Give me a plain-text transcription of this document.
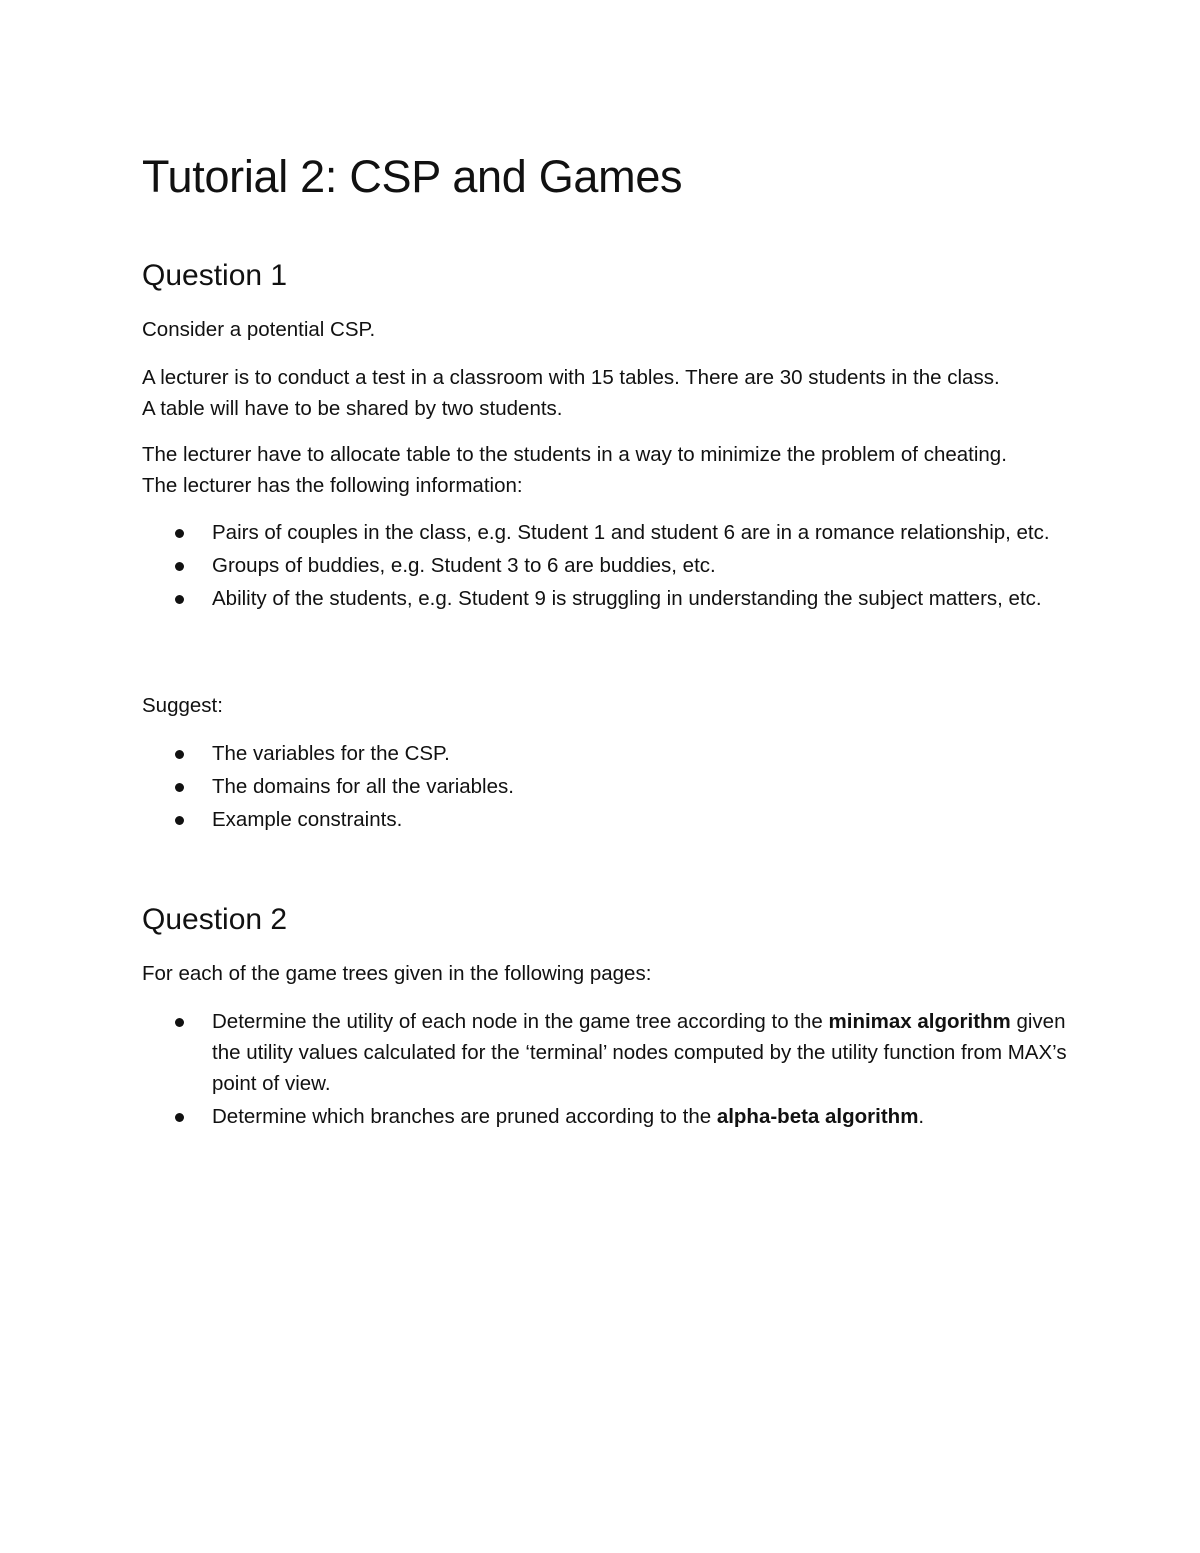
Tutorial 2: CSP and Games
Question 1

Consider a potential CSP.

A lecturer is to conduct a test in a classroom with 15 tables. There are 30 students in the class.

A table will have to be shared by two students.

The lecturer have to allocate table to the students in a way to minimize the problem of cheating.

The lecturer has the following information:

Pairs of couples in the class, e.g. Student 1 and student 6 are in a romance relationship, etc.
Groups of buddies, e.g. Student 3 to 6 are buddies, etc.
Ability of the students, e.g. Student 9 is struggling in understanding the subject matters, etc.

Suggest:

The variables for the CSP.
The domains for all the variables.
Example constraints.
Question 2

For each of the game trees given in the following pages:

Determine the utility of each node in the game tree according to the minimax algorithm given the utility values calculated for the ‘terminal’ nodes computed by the utility function from MAX’s point of view.
Determine which branches are pruned according to the alpha-beta algorithm.
